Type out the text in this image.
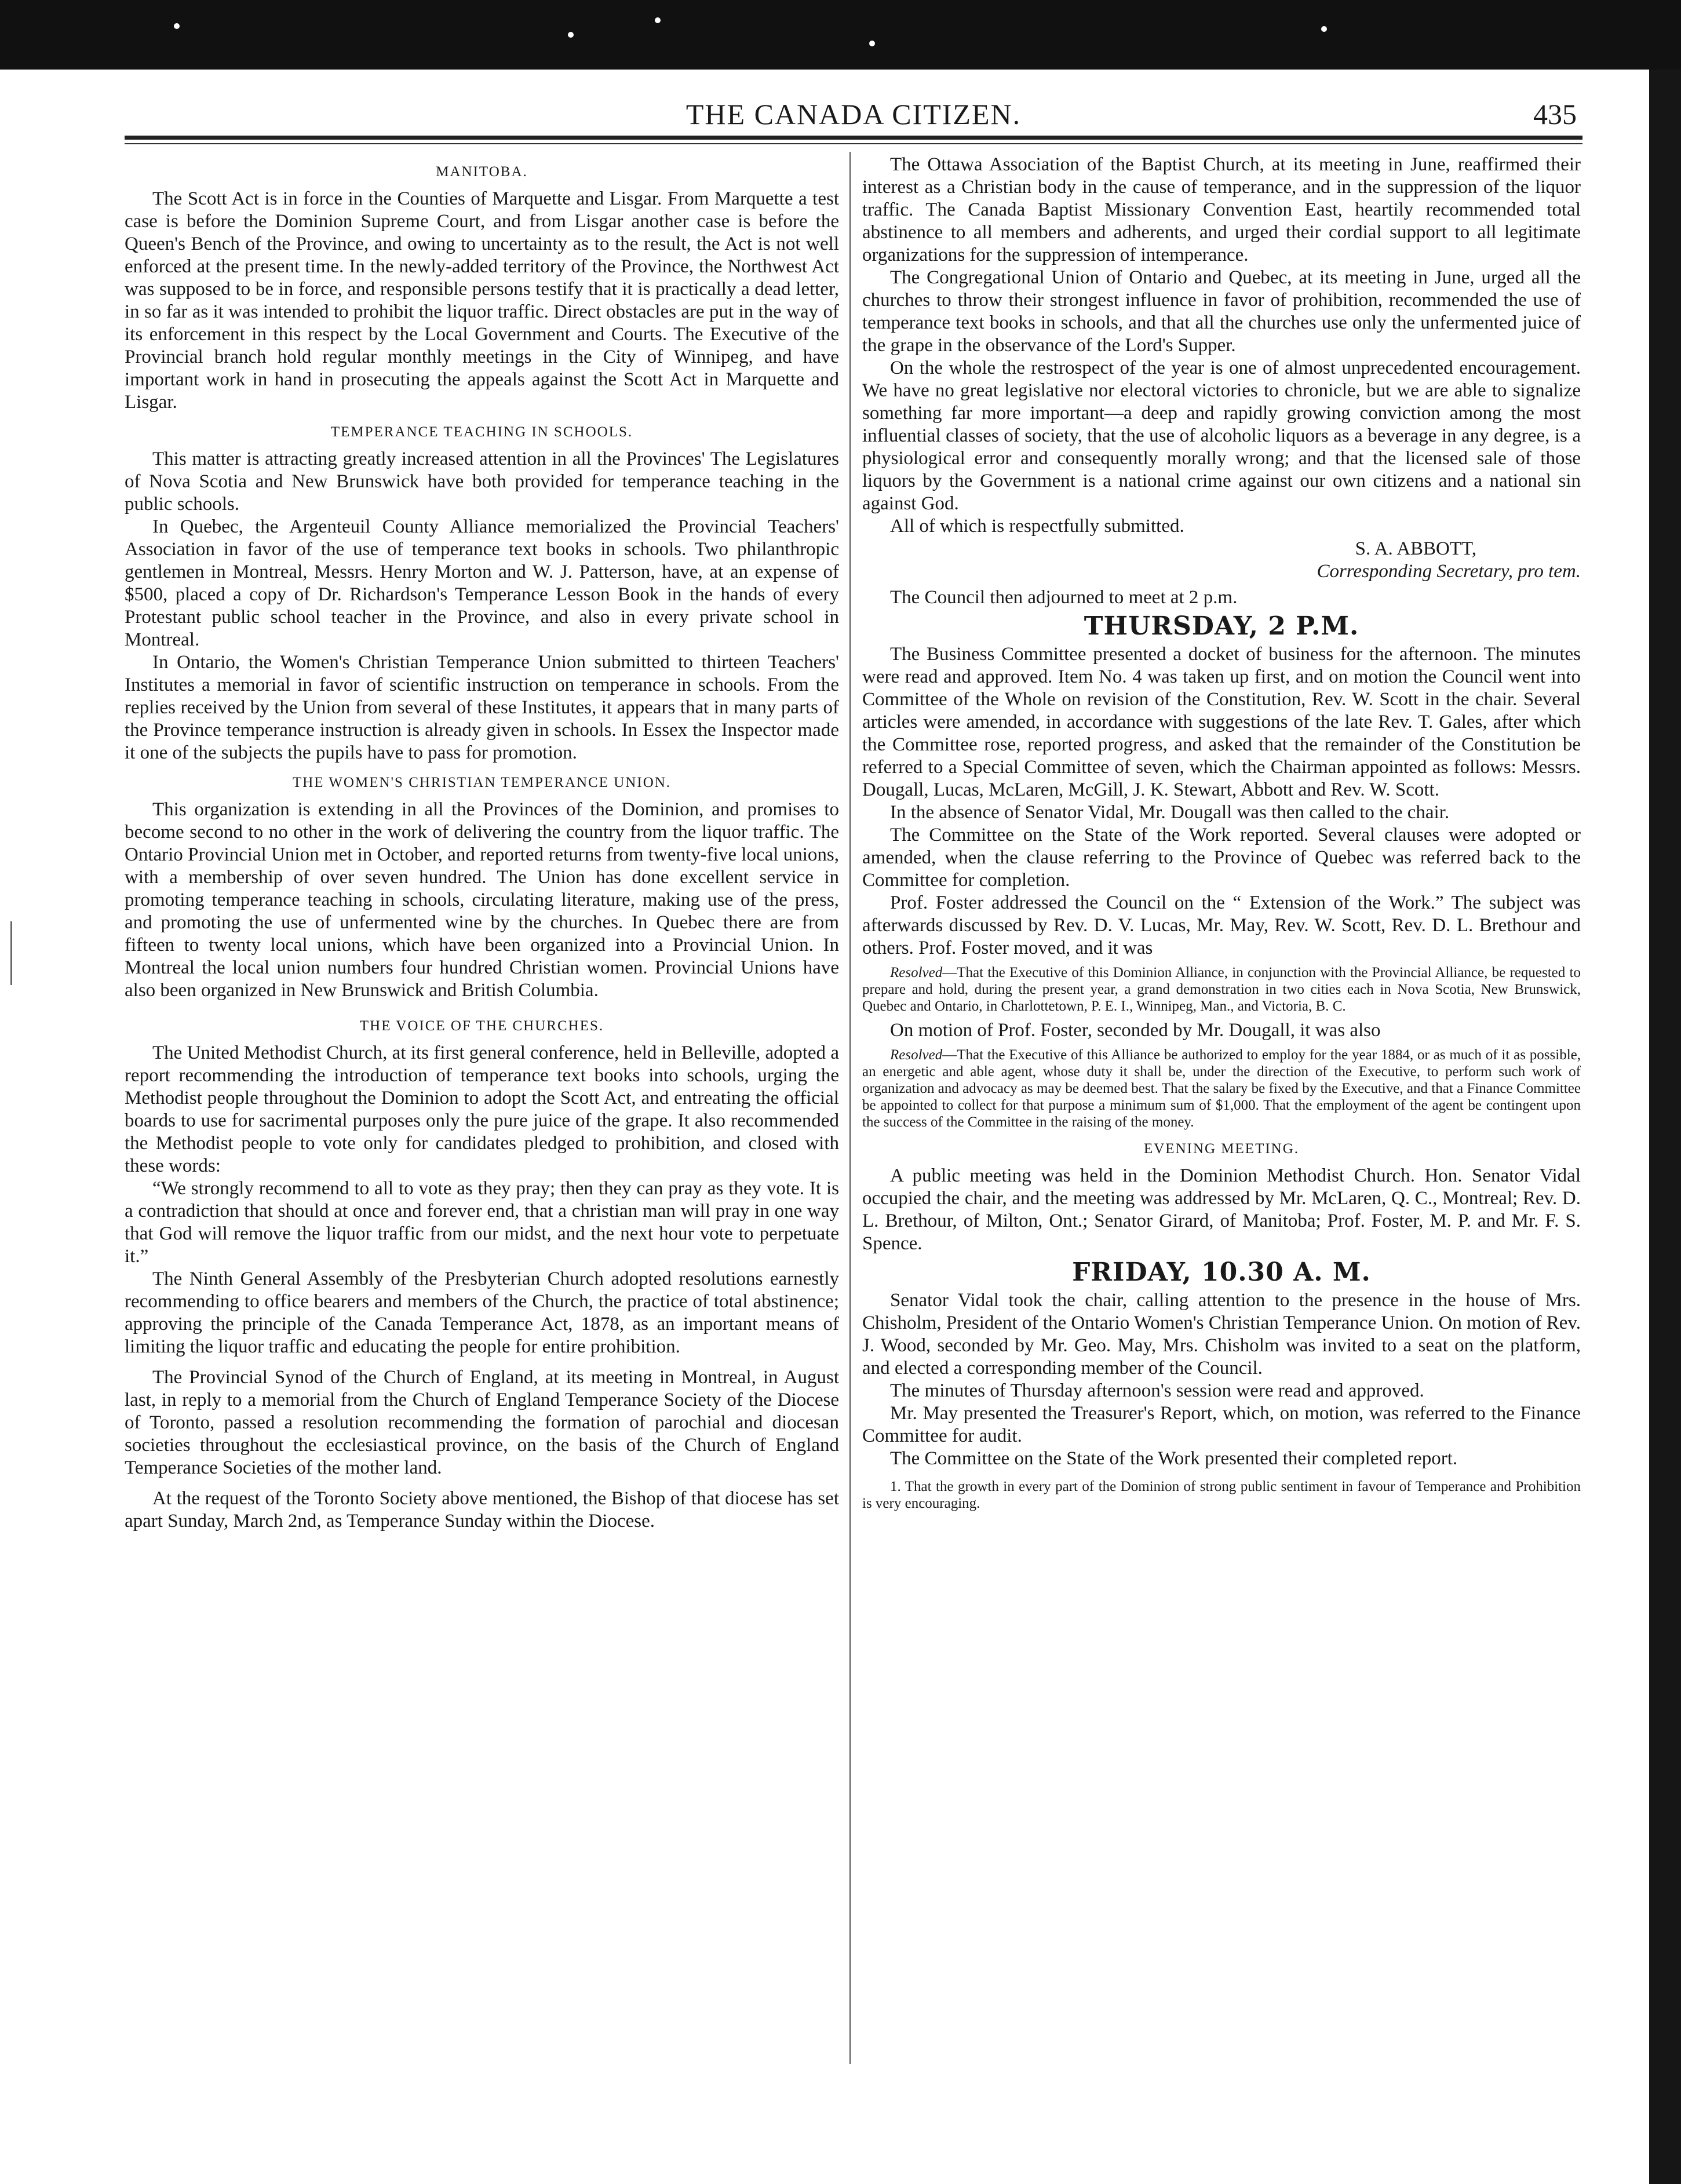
THE CANADA CITIZEN.	435
MANITOBA.

The Scott Act is in force in the Counties of Marquette and Lisgar. From Marquette a test case is before the Dominion Supreme Court, and from Lisgar another case is before the Queen's Bench of the Province, and owing to uncertainty as to the result, the Act is not well enforced at the present time. In the newly-added territory of the Province, the Northwest Act was supposed to be in force, and responsible persons testify that it is practically a dead letter, in so far as it was intended to prohibit the liquor traffic. Direct obstacles are put in the way of its enforcement in this respect by the Local Government and Courts. The Executive of the Provincial branch hold regular monthly meetings in the City of Winnipeg, and have important work in hand in prosecuting the appeals against the Scott Act in Marquette and Lisgar.

TEMPERANCE TEACHING IN SCHOOLS.

This matter is attracting greatly increased attention in all the Provinces' The Legislatures of Nova Scotia and New Brunswick have both provided for temperance teaching in the public schools.

In Quebec, the Argenteuil County Alliance memorialized the Provincial Teachers' Association in favor of the use of temperance text books in schools. Two philanthropic gentlemen in Montreal, Messrs. Henry Morton and W. J. Patterson, have, at an expense of $500, placed a copy of Dr. Richardson's Temperance Lesson Book in the hands of every Protestant public school teacher in the Province, and also in every private school in Montreal.

In Ontario, the Women's Christian Temperance Union submitted to thirteen Teachers' Institutes a memorial in favor of scientific instruction on temperance in schools. From the replies received by the Union from several of these Institutes, it appears that in many parts of the Province temperance instruction is already given in schools. In Essex the Inspector made it one of the subjects the pupils have to pass for promotion.

THE WOMEN'S CHRISTIAN TEMPERANCE UNION.

This organization is extending in all the Provinces of the Dominion, and promises to become second to no other in the work of delivering the country from the liquor traffic. The Ontario Provincial Union met in October, and reported returns from twenty-five local unions, with a membership of over seven hundred. The Union has done excellent service in promoting temperance teaching in schools, circulating literature, making use of the press, and promoting the use of unfermented wine by the churches. In Quebec there are from fifteen to twenty local unions, which have been organized into a Provincial Union. In Montreal the local union numbers four hundred Christian women. Provincial Unions have also been organized in New Brunswick and British Columbia.

THE VOICE OF THE CHURCHES.

The United Methodist Church, at its first general conference, held in Belleville, adopted a report recommending the introduction of temperance text books into schools, urging the Methodist people throughout the Dominion to adopt the Scott Act, and entreating the official boards to use for sacrimental purposes only the pure juice of the grape. It also recommended the Methodist people to vote only for candidates pledged to prohibition, and closed with these words:

“We strongly recommend to all to vote as they pray; then they can pray as they vote. It is a contradiction that should at once and forever end, that a christian man will pray in one way that God will remove the liquor traffic from our midst, and the next hour vote to perpetuate it.”

The Ninth General Assembly of the Presbyterian Church adopted resolutions earnestly recommending to office bearers and members of the Church, the practice of total abstinence; approving the principle of the Canada Temperance Act, 1878, as an important means of limiting the liquor traffic and educating the people for entire prohibition.

The Provincial Synod of the Church of England, at its meeting in Montreal, in August last, in reply to a memorial from the Church of England Temperance Society of the Diocese of Toronto, passed a resolution recommending the formation of parochial and diocesan societies throughout the ecclesiastical province, on the basis of the Church of England Temperance Societies of the mother land.

At the request of the Toronto Society above mentioned, the Bishop of that diocese has set apart Sunday, March 2nd, as Temperance Sunday within the Diocese.

The Ottawa Association of the Baptist Church, at its meeting in June, reaffirmed their interest as a Christian body in the cause of temperance, and in the suppression of the liquor traffic. The Canada Baptist Missionary Convention East, heartily recommended total abstinence to all members and adherents, and urged their cordial support to all legitimate organizations for the suppression of intemperance.

The Congregational Union of Ontario and Quebec, at its meeting in June, urged all the churches to throw their strongest influence in favor of prohibition, recommended the use of temperance text books in schools, and that all the churches use only the unfermented juice of the grape in the observance of the Lord's Supper.

On the whole the restrospect of the year is one of almost unprecedented encouragement. We have no great legislative nor electoral victories to chronicle, but we are able to signalize something far more important—a deep and rapidly growing conviction among the most influential classes of society, that the use of alcoholic liquors as a beverage in any degree, is a physiological error and consequently morally wrong; and that the licensed sale of those liquors by the Government is a national crime against our own citizens and a national sin against God.

All of which is respectfully submitted.

S. A. ABBOTT,
Corresponding Secretary, pro tem.

The Council then adjourned to meet at 2 p.m.

THURSDAY, 2 P.M.

The Business Committee presented a docket of business for the afternoon. The minutes were read and approved. Item No. 4 was taken up first, and on motion the Council went into Committee of the Whole on revision of the Constitution, Rev. W. Scott in the chair. Several articles were amended, in accordance with suggestions of the late Rev. T. Gales, after which the Committee rose, reported progress, and asked that the remainder of the Constitution be referred to a Special Committee of seven, which the Chairman appointed as follows: Messrs. Dougall, Lucas, McLaren, McGill, J. K. Stewart, Abbott and Rev. W. Scott.

In the absence of Senator Vidal, Mr. Dougall was then called to the chair.

The Committee on the State of the Work reported. Several clauses were adopted or amended, when the clause referring to the Province of Quebec was referred back to the Committee for completion.

Prof. Foster addressed the Council on the “ Extension of the Work.” The subject was afterwards discussed by Rev. D. V. Lucas, Mr. May, Rev. W. Scott, Rev. D. L. Brethour and others. Prof. Foster moved, and it was

Resolved—That the Executive of this Dominion Alliance, in conjunction with the Provincial Alliance, be requested to prepare and hold, during the present year, a grand demonstration in two cities each in Nova Scotia, New Brunswick, Quebec and Ontario, in Charlottetown, P. E. I., Winnipeg, Man., and Victoria, B. C.

On motion of Prof. Foster, seconded by Mr. Dougall, it was also

Resolved—That the Executive of this Alliance be authorized to employ for the year 1884, or as much of it as possible, an energetic and able agent, whose duty it shall be, under the direction of the Executive, to perform such work of organization and advocacy as may be deemed best. That the salary be fixed by the Executive, and that a Finance Committee be appointed to collect for that purpose a minimum sum of $1,000. That the employment of the agent be contingent upon the success of the Committee in the raising of the money.
EVENING MEETING.

A public meeting was held in the Dominion Methodist Church. Hon. Senator Vidal occupied the chair, and the meeting was addressed by Mr. McLaren, Q. C., Montreal; Rev. D. L. Brethour, of Milton, Ont.; Senator Girard, of Manitoba; Prof. Foster, M. P. and Mr. F. S. Spence.

FRIDAY, 10.30 A. M.

Senator Vidal took the chair, calling attention to the presence in the house of Mrs. Chisholm, President of the Ontario Women's Christian Temperance Union. On motion of Rev. J. Wood, seconded by Mr. Geo. May, Mrs. Chisholm was invited to a seat on the platform, and elected a corresponding member of the Council.

The minutes of Thursday afternoon's session were read and approved.

Mr. May presented the Treasurer's Report, which, on motion, was referred to the Finance Committee for audit.

The Committee on the State of the Work presented their completed report.

1. That the growth in every part of the Dominion of strong public sentiment in favour of Temperance and Prohibition is very encouraging.
